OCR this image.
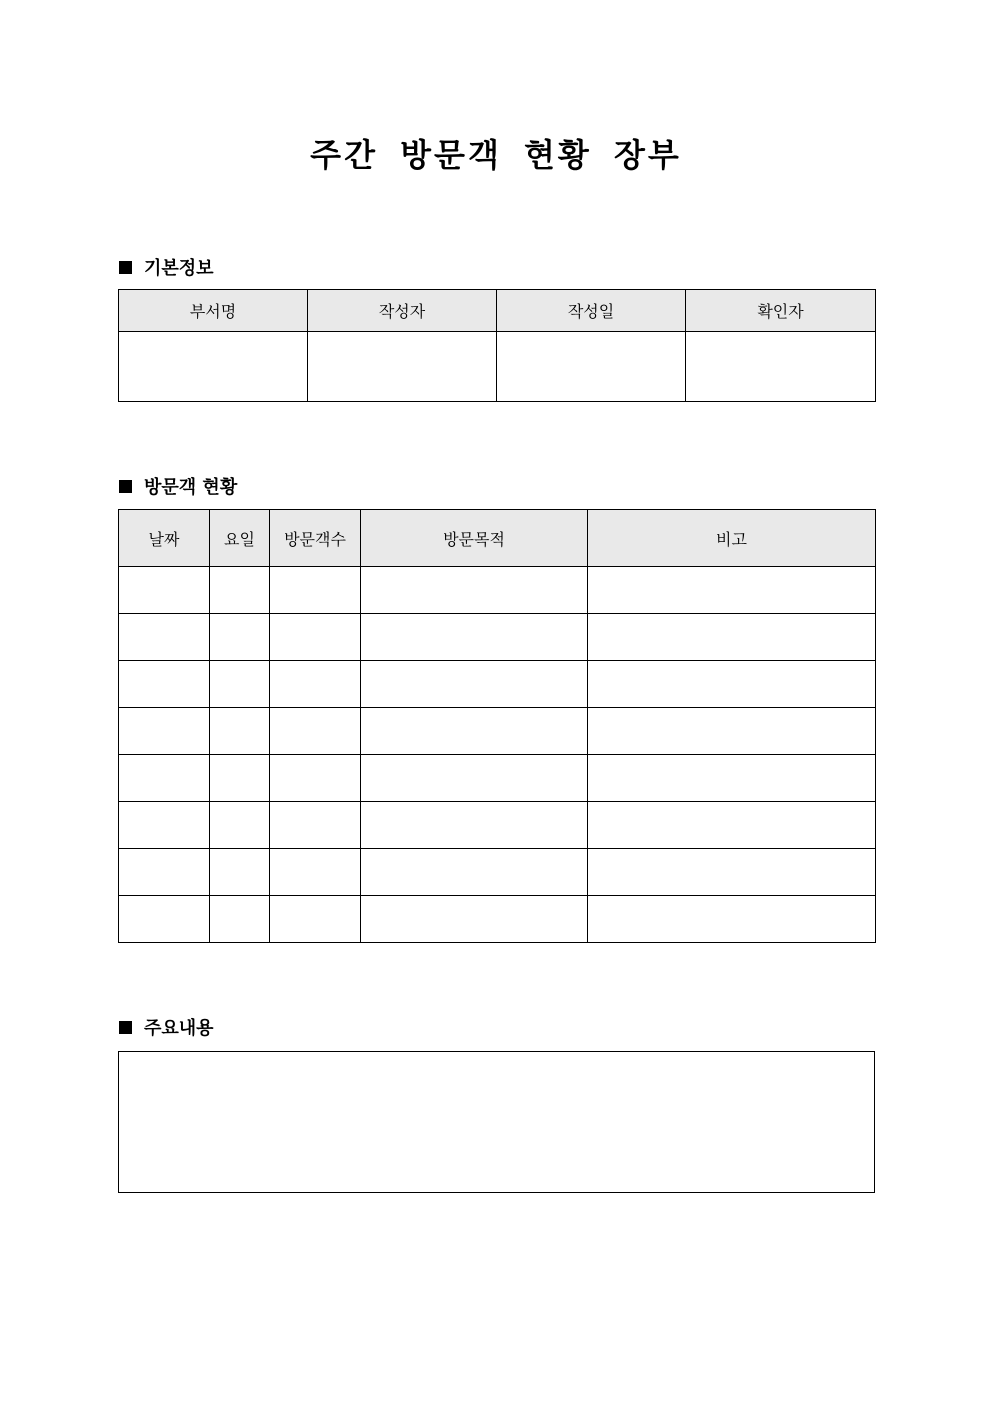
주간 방문객 현황 장부
기본정보
부서명	작성자	작성일	확인자

방문객 현황
날짜	요일	방문객수	방문목적	비고

주요내용
